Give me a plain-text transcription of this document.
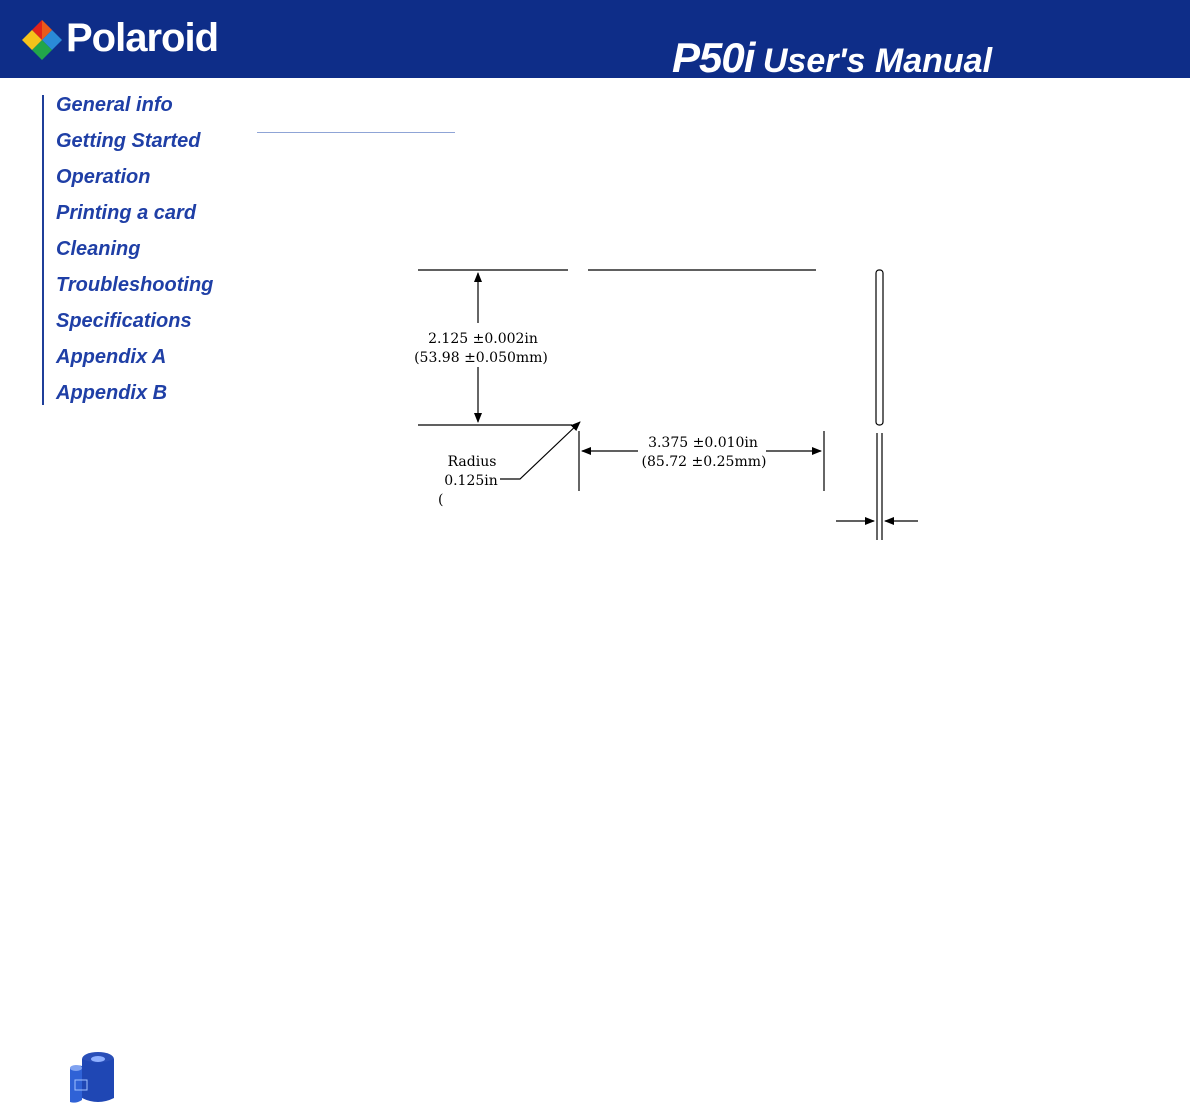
Polaroid	P50i User's Manual
General info
Getting Started
Operation
Printing a card
Cleaning
Troubleshooting
Specifications
Appendix A
Appendix B
2.125 ±0.002in
(53.98 ±0.050mm)
3.375 ±0.010in
(85.72 ±0.25mm)
Radius
0.125in
(
